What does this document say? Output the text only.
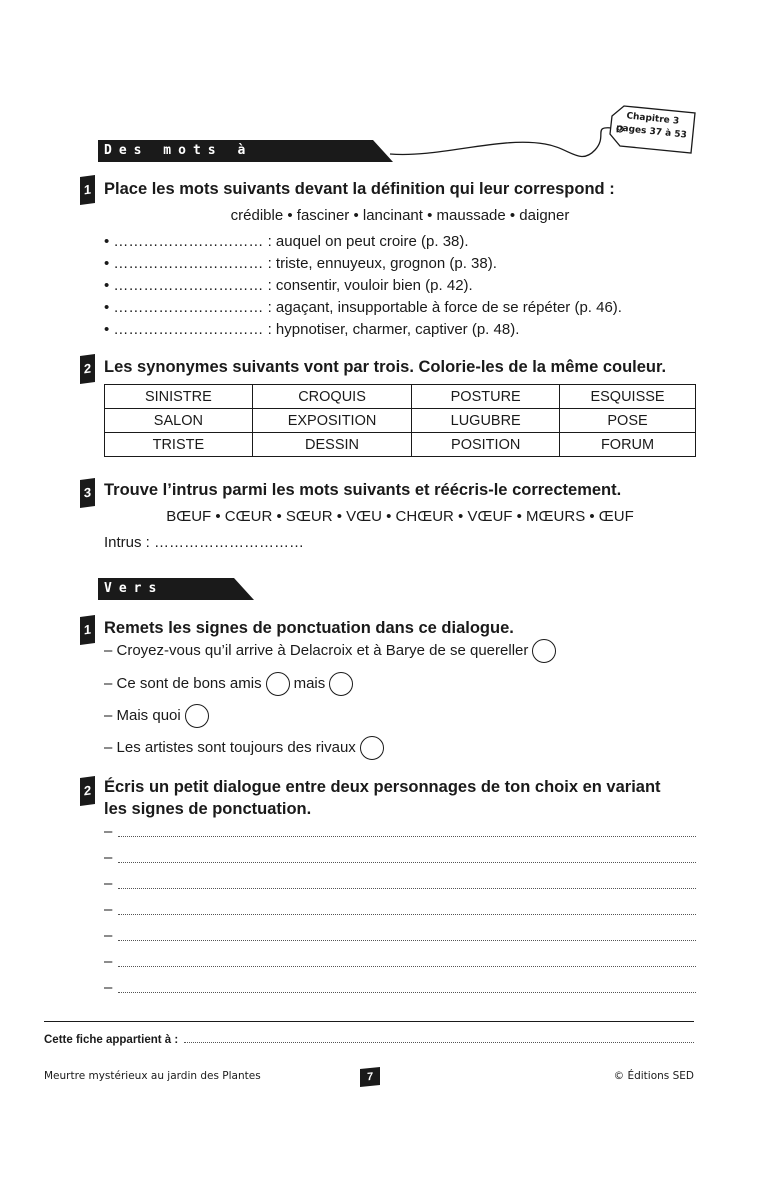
Chapitre 3
pages 37 à 53
Des mots à apprivoiser
1 Place les mots suivants devant la définition qui leur correspond :
crédible • fasciner • lancinant • maussade • daigner
• ………………………… : auquel on peut croire (p. 38).
• ………………………… : triste, ennuyeux, grognon (p. 38).
• ………………………… : consentir, vouloir bien (p. 42).
• ………………………… : agaçant, insupportable à force de se répéter (p. 46).
• ………………………… : hypnotiser, charmer, captiver (p. 48).
2 Les synonymes suivants vont par trois. Colorie-les de la même couleur.
SINISTRE	CROQUIS	POSTURE	ESQUISSE
SALON	EXPOSITION	LUGUBRE	POSE
TRISTE	DESSIN	POSITION	FORUM
3 Trouve l’intrus parmi les mots suivants et réécris-le correctement.
BŒUF • CŒUR • SŒUR • VŒU • CHŒUR • VŒUF • MŒURS • ŒUF
Intrus : …………………………
Vers l’écrit
1 Remets les signes de ponctuation dans ce dialogue.
– Croyez-vous qu’il arrive à Delacroix et à Barye de se quereller
– Ce sont de bons amis mais
– Mais quoi
– Les artistes sont toujours des rivaux
2 Écris un petit dialogue entre deux personnages de ton choix en variant
les signes de ponctuation.
–
–
–
–
–
–
–
Cette fiche appartient à :
Meurtre mystérieux au jardin des Plantes	7	© Éditions SED
